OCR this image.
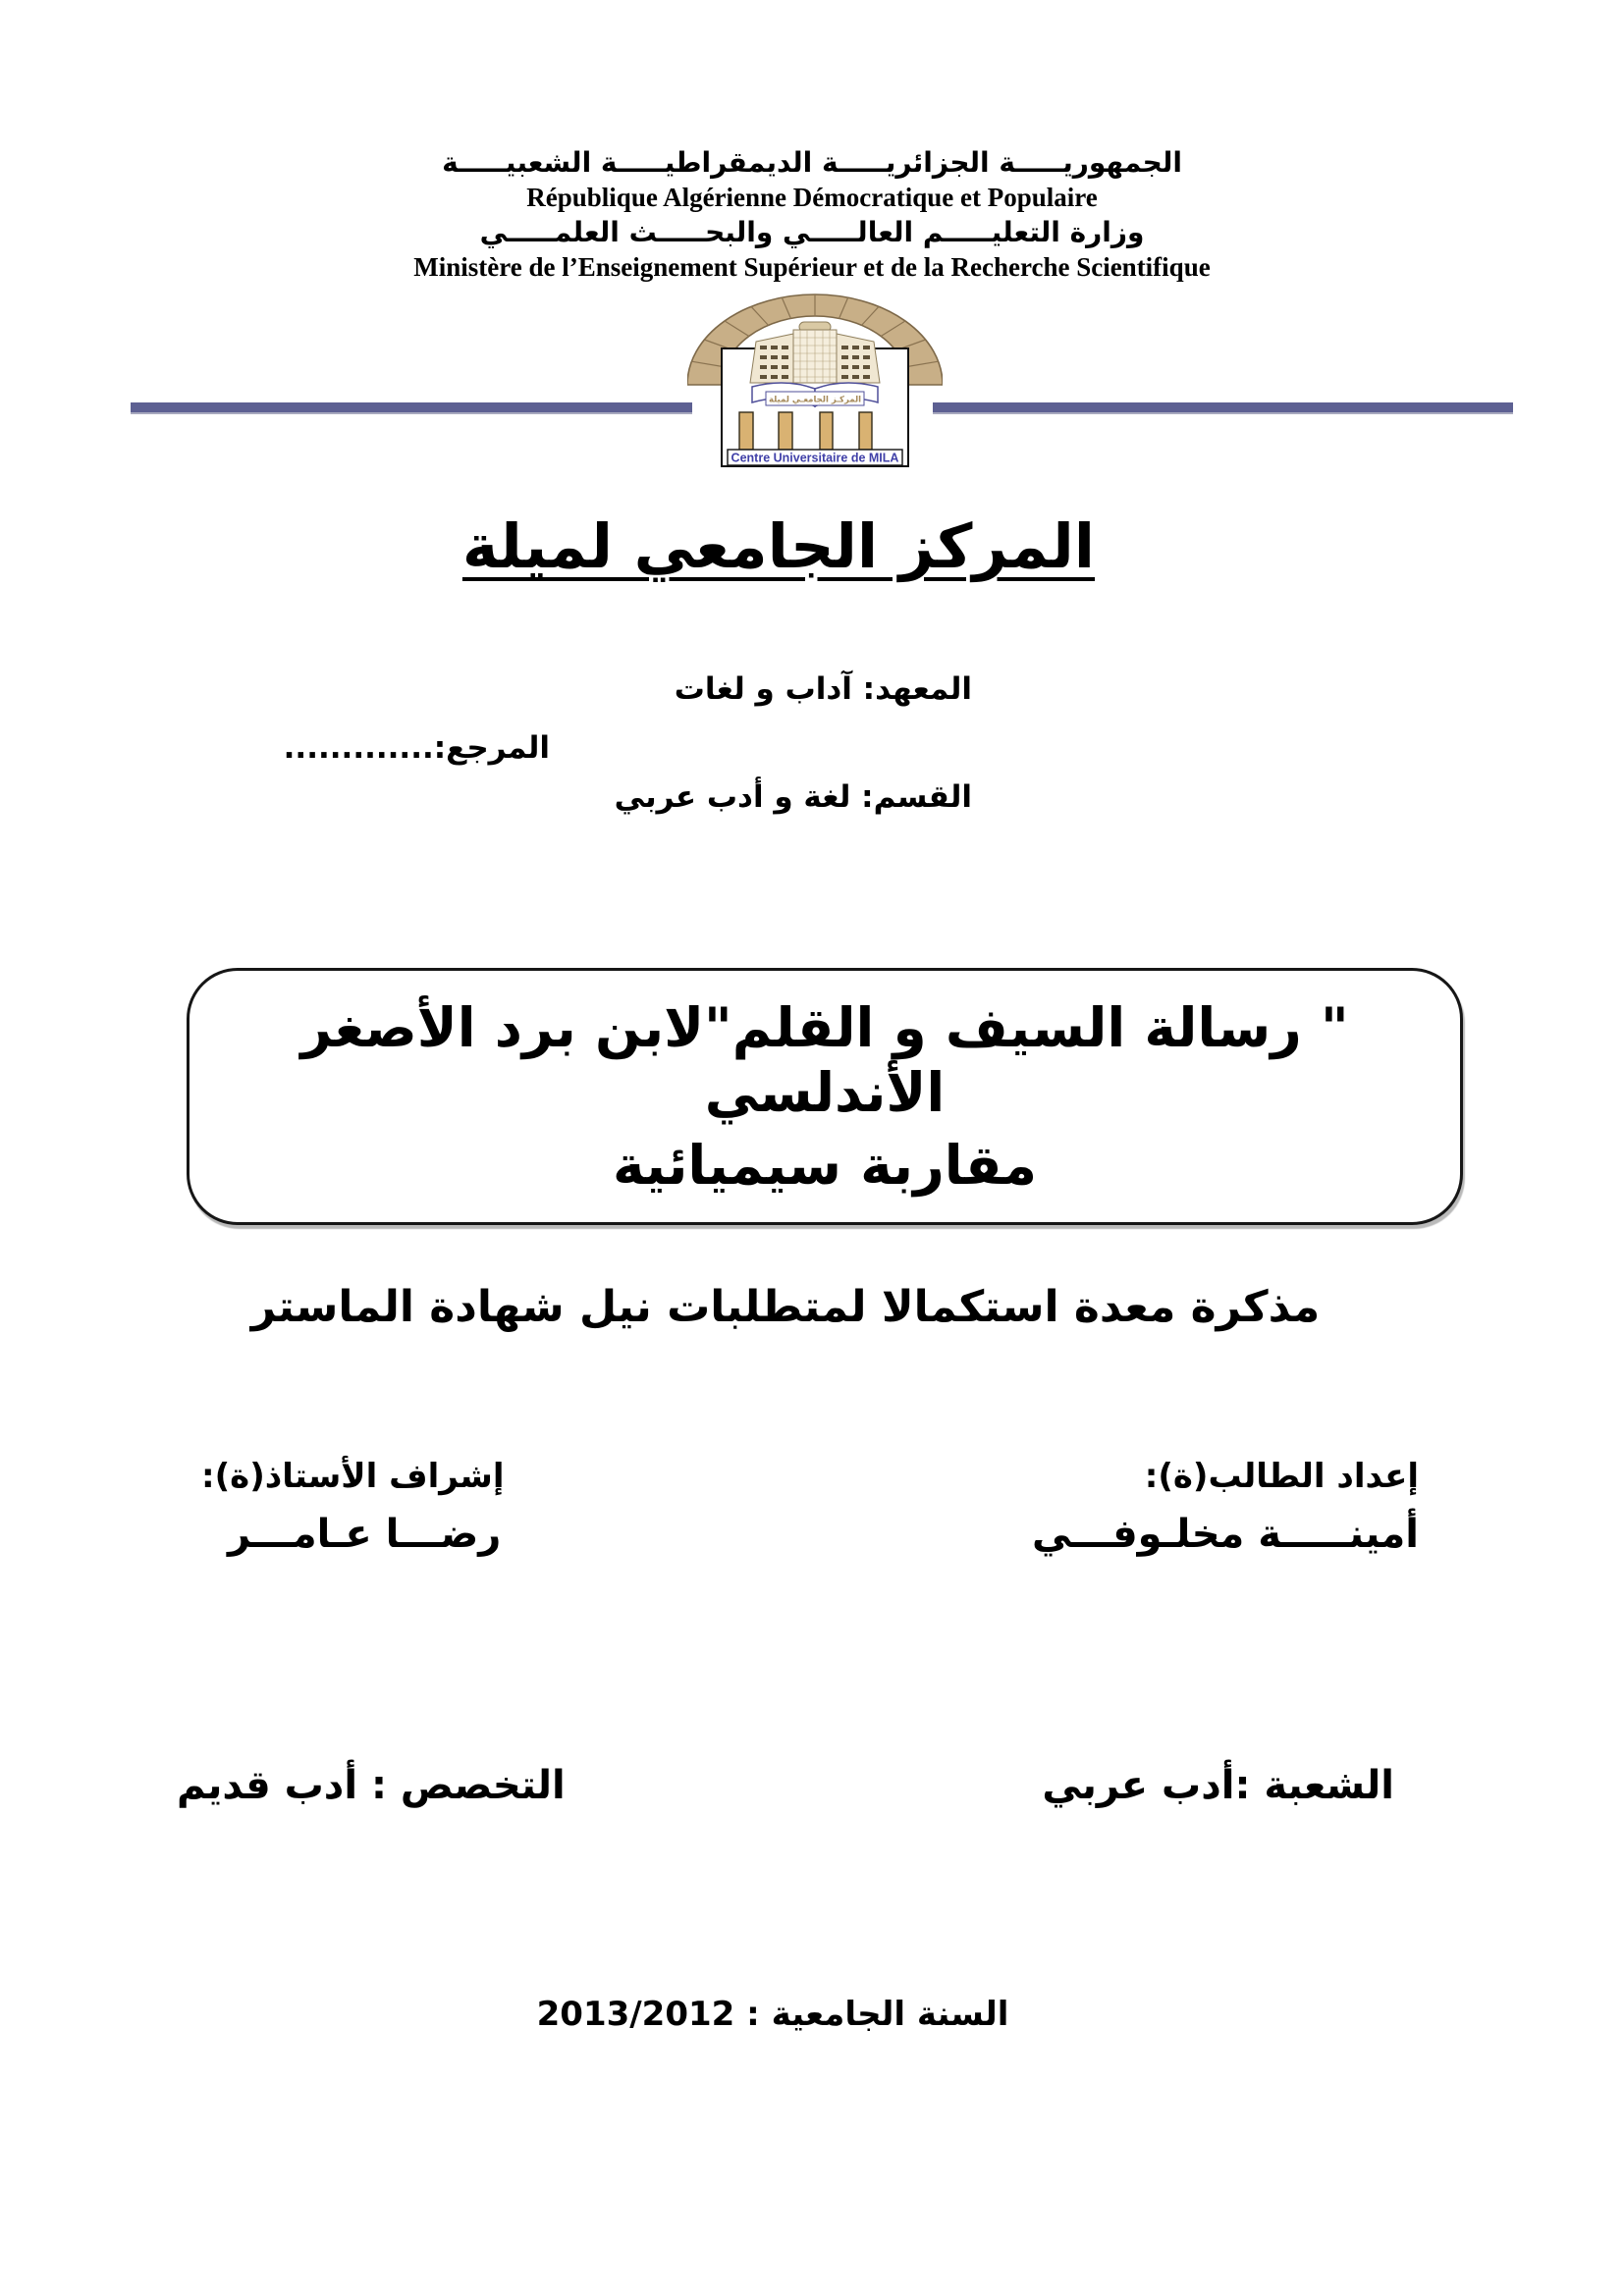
الجمهوريـــــة الجزائريـــــة الديمقراطيـــــة الشعبيـــــة
République Algérienne Démocratique et Populaire
وزارة التعليـــــم العالـــــي والبحـــــث العلمـــــي
Ministère de l’Enseignement Supérieur et de la Recherche Scientifique
المركـز الجامعـي لميلة
Centre Universitaire de MILA
المركز الجامعي لميلة
المعهد: آداب و لغات
المرجع:.............
القسم: لغة و أدب عربي
" رسالة السيف و القلم"لابن برد الأصغر الأندلسي
مقاربة سيميائية
مذكرة معدة استكمالا لمتطلبات نيل شهادة الماستر
إعداد الطالب(ة):
أمينـــــة مخلـوفـــي
إشراف الأستاذ(ة):
رضـــا عـامـــر
الشعبة :أدب عربي
التخصص : أدب قديم
السنة الجامعية : 2013/2012
